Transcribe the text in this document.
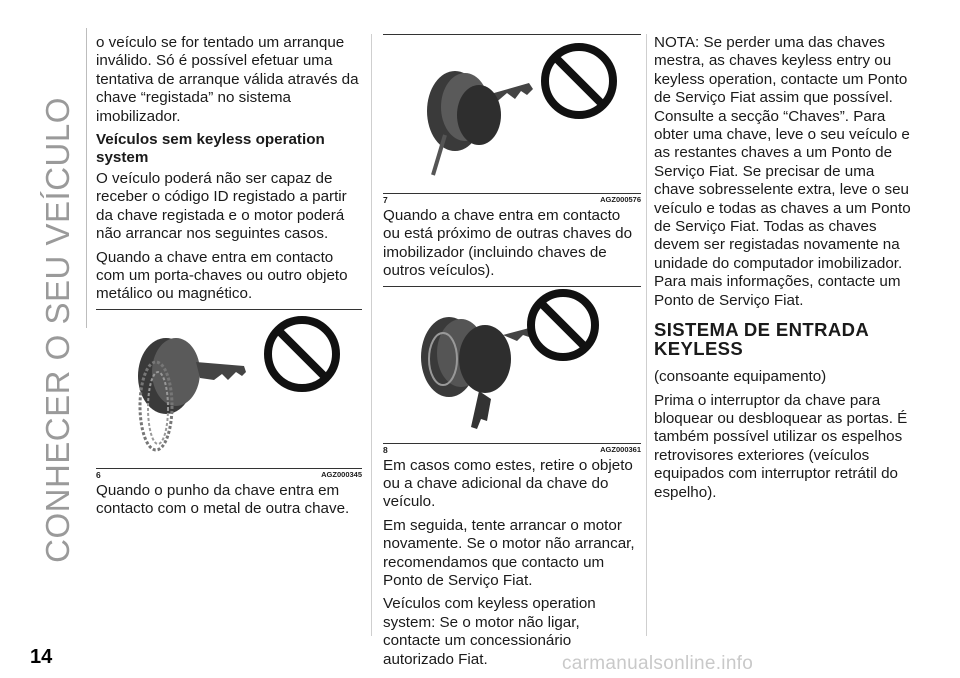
CONHECER O SEU VEÍCULO

o veículo se for tentado um arranque inválido. Só é possível efetuar uma tentativa de arranque válida através da chave “registada” no sistema imobilizador.

Veículos sem keyless operation system

O veículo poderá não ser capaz de receber o código ID registado a partir da chave registada e o motor poderá não arrancar nos seguintes casos.

Quando a chave entra em contacto com um porta-chaves ou outro objeto metálico ou magnético.

6	AGZ000345

Quando o punho da chave entra em contacto com o metal de outra chave.

7	AGZ000576

Quando a chave entra em contacto ou está próximo de outras chaves do imobilizador (incluindo chaves de outros veículos).

8	AGZ000361

Em casos como estes, retire o objeto ou a chave adicional da chave do veículo.

Em seguida, tente arrancar o motor novamente. Se o motor não arrancar, recomendamos que contacto um Ponto de Serviço Fiat.

Veículos com keyless operation system: Se o motor não ligar, contacte um concessionário autorizado Fiat.

NOTA: Se perder uma das chaves mestra, as chaves keyless entry ou keyless operation, contacte um Ponto de Serviço Fiat assim que possível. Consulte a secção “Chaves”. Para obter uma chave, leve o seu veículo e as restantes chaves a um Ponto de Serviço Fiat. Se precisar de uma chave sobresselente extra, leve o seu veículo e todas as chaves a um Ponto de Serviço Fiat. Todas as chaves devem ser registadas novamente na unidade do computador imobilizador. Para mais informações, contacte um Ponto de Serviço Fiat.

SISTEMA DE ENTRADA KEYLESS

(consoante equipamento)

Prima o interruptor da chave para bloquear ou desbloquear as portas. É também possível utilizar os espelhos retrovisores exteriores (veículos equipados com interruptor retrátil do espelho).

14	carmanualsonline.info
